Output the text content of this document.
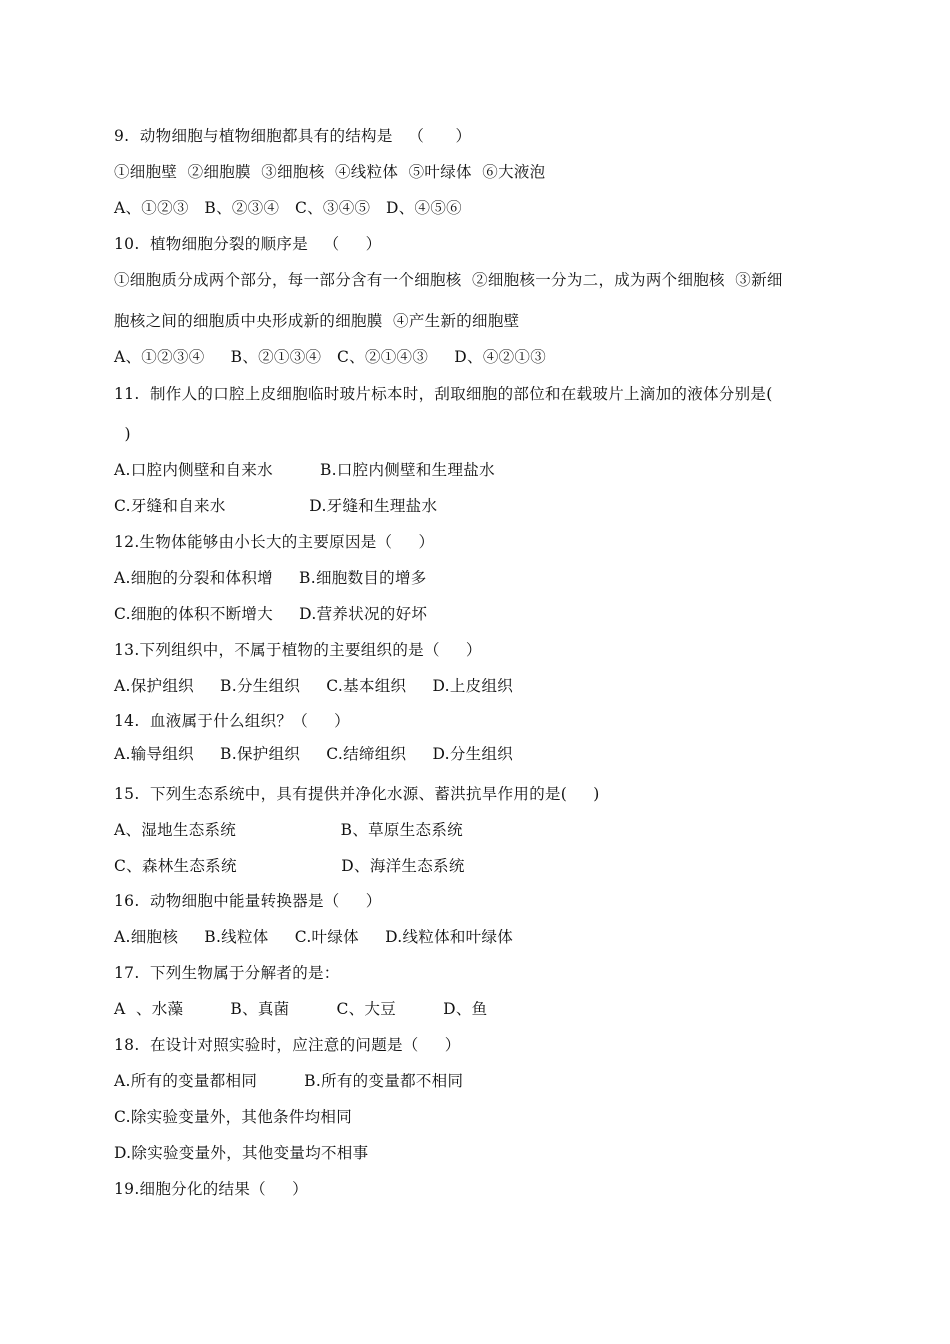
9.  动物细胞与植物细胞都具有的结构是   （      ）
①细胞壁  ②细胞膜  ③细胞核  ④线粒体  ⑤叶绿体  ⑥大液泡
A、①②③   B、②③④   C、③④⑤   D、④⑤⑥
10.  植物细胞分裂的顺序是   （     ）
①细胞质分成两个部分，每一部分含有一个细胞核  ②细胞核一分为二，成为两个细胞核  ③新细
胞核之间的细胞质中央形成新的细胞膜  ④产生新的细胞壁
A、①②③④     B、②①③④   C、②①④③     D、④②①③
11.  制作人的口腔上皮细胞临时玻片标本时，刮取细胞的部位和在载玻片上滴加的液体分别是(
)
A.口腔内侧壁和自来水         B.口腔内侧壁和生理盐水
C.牙缝和自来水                D.牙缝和生理盐水
12.生物体能够由小长大的主要原因是（     ）
A.细胞的分裂和体积增     B.细胞数目的增多
C.细胞的体积不断增大     D.营养状况的好坏
13.下列组织中，不属于植物的主要组织的是（     ）
A.保护组织     B.分生组织     C.基本组织     D.上皮组织
14.  血液属于什么组织？（     ）
A.输导组织     B.保护组织     C.结缔组织     D.分生组织
15.  下列生态系统中，具有提供并净化水源、蓄洪抗旱作用的是(     )
A、湿地生态系统                    B、草原生态系统
C、森林生态系统                    D、海洋生态系统
16.  动物细胞中能量转换器是（     ）
A.细胞核     B.线粒体     C.叶绿体     D.线粒体和叶绿体
17.  下列生物属于分解者的是：
A  、水藻         B、真菌         C、大豆         D、鱼
18.  在设计对照实验时，应注意的问题是（     ）
A.所有的变量都相同         B.所有的变量都不相同
C.除实验变量外，其他条件均相同
D.除实验变量外，其他变量均不相事
19.细胞分化的结果（     ）
